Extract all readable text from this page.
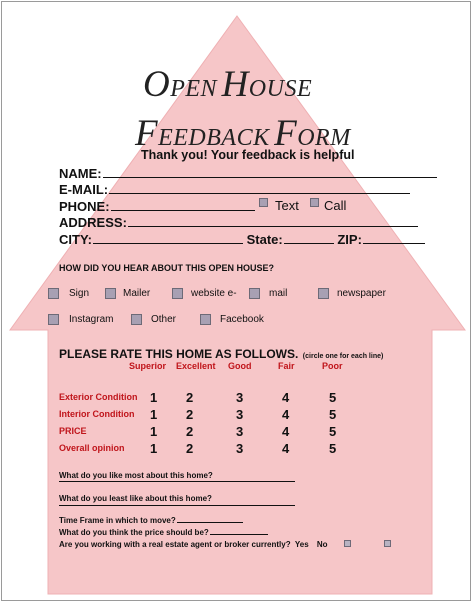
OPEN HOUSE
FEEDBACK FORM
Thank you! Your feedback is helpful
NAME:
E-MAIL:
PHONE:	Text Call
ADDRESS:
CITY:	State:	ZIP:
HOW DID YOU HEAR ABOUT THIS OPEN HOUSE?
Sign	Mailer	website e-	mail	newspaper
Instagram	Other	Facebook
PLEASE RATE THIS HOME AS FOLLOWS. (circle one for each line)
Superior Excellent Good	Fair	Poor
Exterior Condition 1 2	3	4	5
Interior Condition 1 2	3	4	5
PRICE	1 2	3	4	5
Overall opinion 1 2	3	4	5
What do you like most about this home?
What do you least like about this home?
Time Frame in which to move?
What do you think the price should be?
Are you working with a real estate agent or broker currently? Yes No
